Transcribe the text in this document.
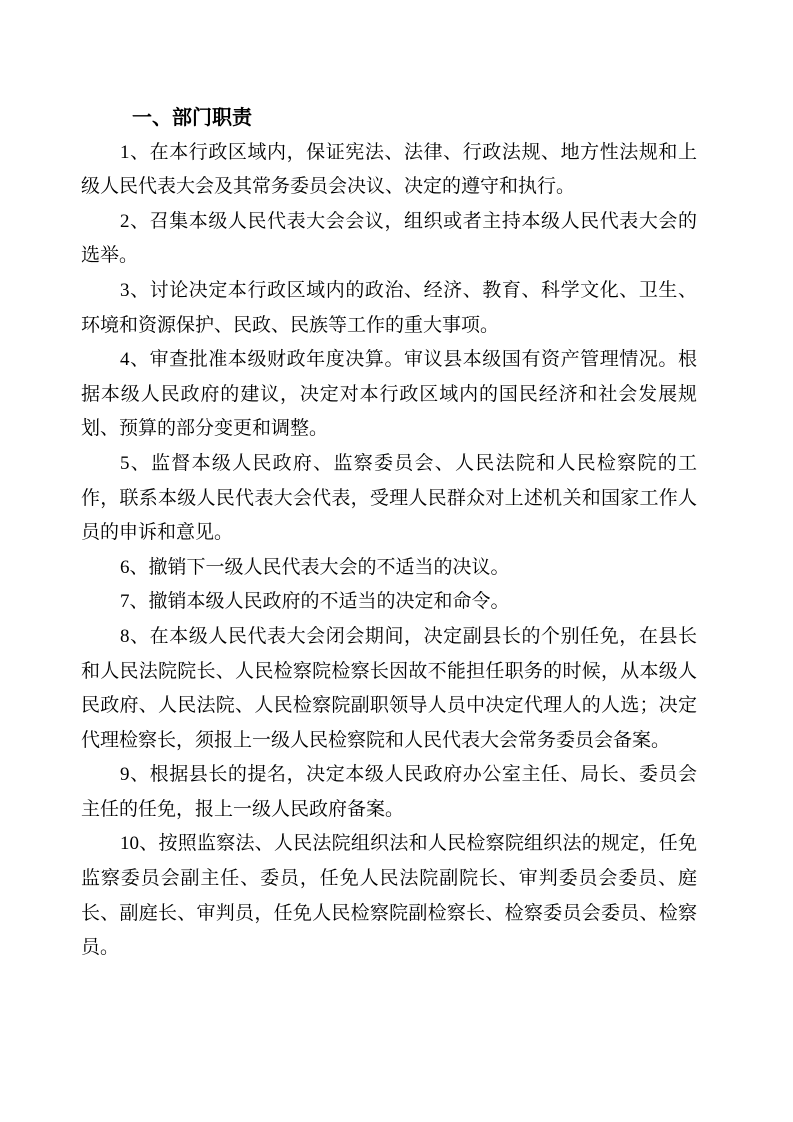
一、部门职责

1、在本行政区域内，保证宪法、法律、行政法规、地方性法规和上级人民代表大会及其常务委员会决议、决定的遵守和执行。

2、召集本级人民代表大会会议，组织或者主持本级人民代表大会的选举。

3、讨论决定本行政区域内的政治、经济、教育、科学文化、卫生、环境和资源保护、民政、民族等工作的重大事项。

4、审查批准本级财政年度决算。审议县本级国有资产管理情况。根据本级人民政府的建议，决定对本行政区域内的国民经济和社会发展规划、预算的部分变更和调整。

5、监督本级人民政府、监察委员会、人民法院和人民检察院的工作，联系本级人民代表大会代表，受理人民群众对上述机关和国家工作人员的申诉和意见。

6、撤销下一级人民代表大会的不适当的决议。

7、撤销本级人民政府的不适当的决定和命令。

8、在本级人民代表大会闭会期间，决定副县长的个别任免，在县长和人民法院院长、人民检察院检察长因故不能担任职务的时候，从本级人民政府、人民法院、人民检察院副职领导人员中决定代理人的人选；决定代理检察长，须报上一级人民检察院和人民代表大会常务委员会备案。

9、根据县长的提名，决定本级人民政府办公室主任、局长、委员会主任的任免，报上一级人民政府备案。

10、按照监察法、人民法院组织法和人民检察院组织法的规定，任免监察委员会副主任、委员，任免人民法院副院长、审判委员会委员、庭长、副庭长、审判员，任免人民检察院副检察长、检察委员会委员、检察员。
